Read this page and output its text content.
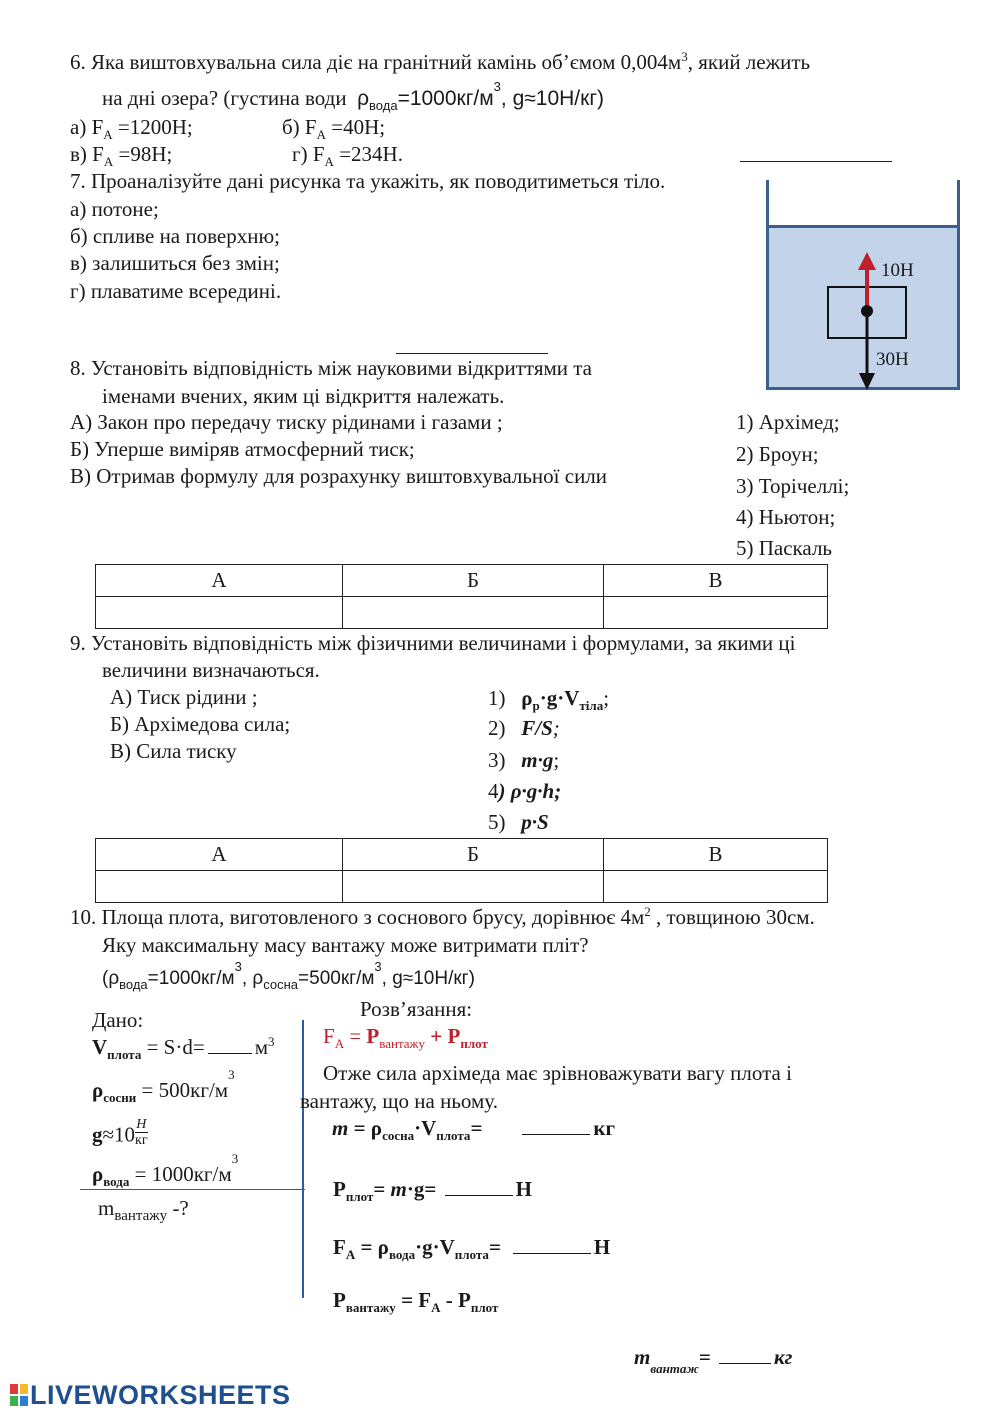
6. Яка виштовхувальна сила діє на гранітний камінь об’ємом $0,004м^3$, який лежить
на дні озера? (густина води $\rho_{вода}=1000кг/м^3$, g≈10Н/кг)
а) $F_A =1200Н$;	б) $F_A =40Н$;
в) $F_A =98Н$;	г) $F_A =234Н$.
7. Проаналізуйте дані рисунка та укажіть, як поводитиметься тіло.
а) потоне;
б) спливе на поверхню;
в) залишиться без змін;
г) плаватиме всередині.
10Н
30Н
8. Установіть відповідність між науковими відкриттями та
іменами вчених, яким ці відкриття належать.
А) Закон про передачу тиску рідинами і газами ;
Б) Уперше виміряв атмосферний тиск;
В) Отримав формулу для розрахунку виштовхувальної сили
1) Архімед;
2) Броун;
3) Торічеллі;
4) Ньютон;
5) Паскаль
А	Б	В

9. Установіть відповідність між фізичними величинами і формулами, за якими ці
величини визначаються.
А) Тиск рідини ;
Б) Архімедова сила;
В) Сила тиску
1) $\rho_р\cdot g\cdot V_{тіла}$;
2) F/S;
3) m·g;
4) ρ·g·h;
5) p·S
А	Б	В

10. Площа плота, виготовленого з соснового брусу, дорівнює $4м^2$ , товщиною 30см.
Яку максимальну масу вантажу може витримати пліт?
($\rho_{вода}=1000кг/м^3$, $\rho_{сосна}=500кг/м^3$, g≈10Н/кг)
Дано:
$V_{плота} = S\cdot d= м^3$
$\rho_{сосни} = 500кг/м^3$
g≈10 Н
кг
$\rho_{вода} = 1000кг/м^3$
$m_{вантажу}$ -?
Розв’язання:
$F_A = P_{вантажу} + P_{плот}$
Отже сила архімеда має зрівноважувати вагу плота і
вантажу, що на ньому.
$m = \rho_{сосна}\cdot V_{плота}=$	кг
$P_{плот}= m\cdot g=$	Н
$F_A = \rho_{вода}\cdot g\cdot V_{плота}=$	Н
$P_{вантажу} = F_A - P_{плот}$
$m_{вантаж}=$	кг
LIVEWORKSHEETS
